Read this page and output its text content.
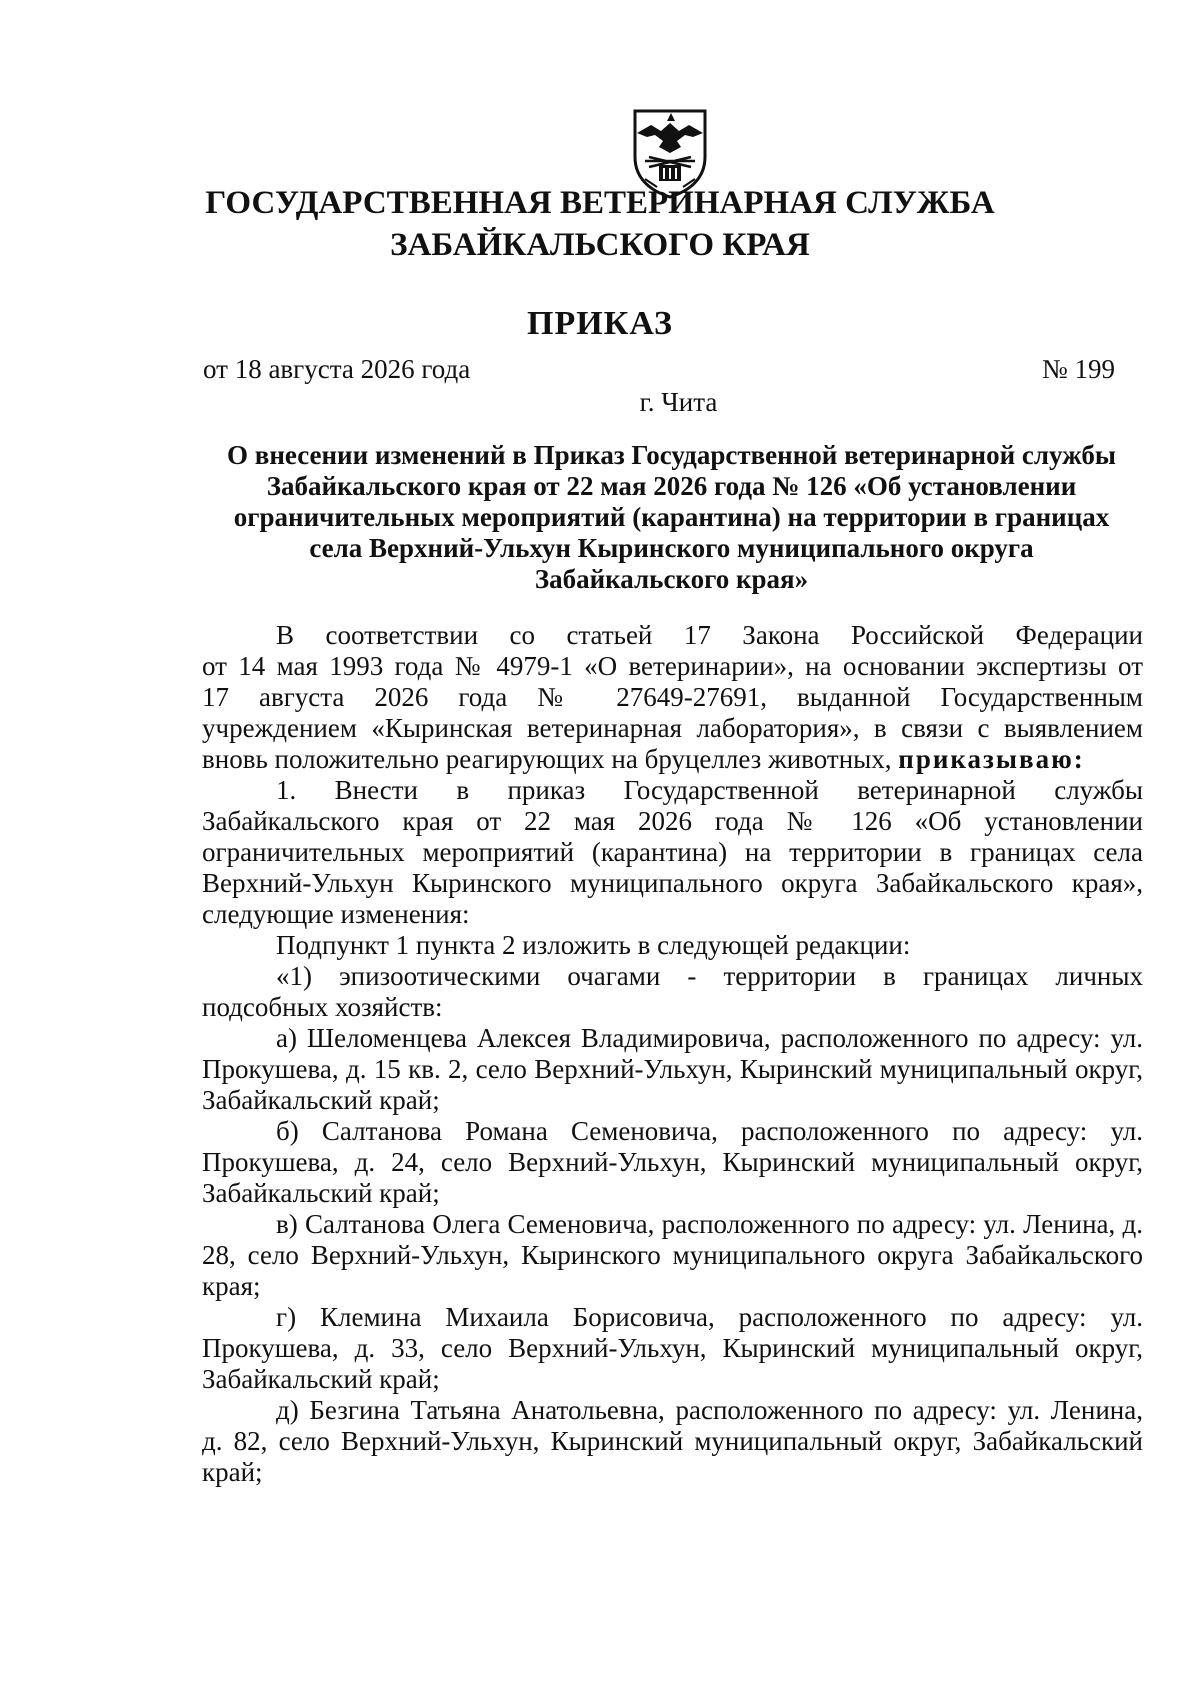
ГОСУДАРСТВЕННАЯ ВЕТЕРИНАРНАЯ СЛУЖБА
ЗАБАЙКАЛЬСКОГО КРАЯ
ПРИКАЗ
от 18 августа 2026 года	№ 199
г. Чита
О внесении изменений в Приказ Государственной ветеринарной службы
Забайкальского края от 22 мая 2026 года № 126 «Об установлении
ограничительных мероприятий (карантина) на территории в границах
села Верхний-Ульхун Кыринского муниципального округа
Забайкальского края»
В соответствии со статьей 17 Закона Российской Федерации
от 14 мая 1993 года № 4979-1 «О ветеринарии», на основании экспертизы от
17 августа 2026 года № 27649-27691, выданной Государственным
учреждением «Кыринская ветеринарная лаборатория», в связи с выявлением
вновь положительно реагирующих на бруцеллез животных, приказываю:
1. Внести в приказ Государственной ветеринарной службы
Забайкальского края от 22 мая 2026 года № 126 «Об установлении
ограничительных мероприятий (карантина) на территории в границах села
Верхний-Ульхун Кыринского муниципального округа Забайкальского края»,
следующие изменения:
Подпункт 1 пункта 2 изложить в следующей редакции:
«1) эпизоотическими очагами - территории в границах личных
подсобных хозяйств:
а) Шеломенцева Алексея Владимировича, расположенного по адресу: ул.
Прокушева, д. 15 кв. 2, село Верхний-Ульхун, Кыринский муниципальный округ,
Забайкальский край;
б) Салтанова Романа Семеновича, расположенного по адресу: ул.
Прокушева, д. 24, село Верхний-Ульхун, Кыринский муниципальный округ,
Забайкальский край;
в) Салтанова Олега Семеновича, расположенного по адресу: ул. Ленина, д.
28, село Верхний-Ульхун, Кыринского муниципального округа Забайкальского
края;
г) Клемина Михаила Борисовича, расположенного по адресу: ул.
Прокушева, д. 33, село Верхний-Ульхун, Кыринский муниципальный округ,
Забайкальский край;
д) Безгина Татьяна Анатольевна, расположенного по адресу: ул. Ленина,
д. 82, село Верхний-Ульхун, Кыринский муниципальный округ, Забайкальский
край;
